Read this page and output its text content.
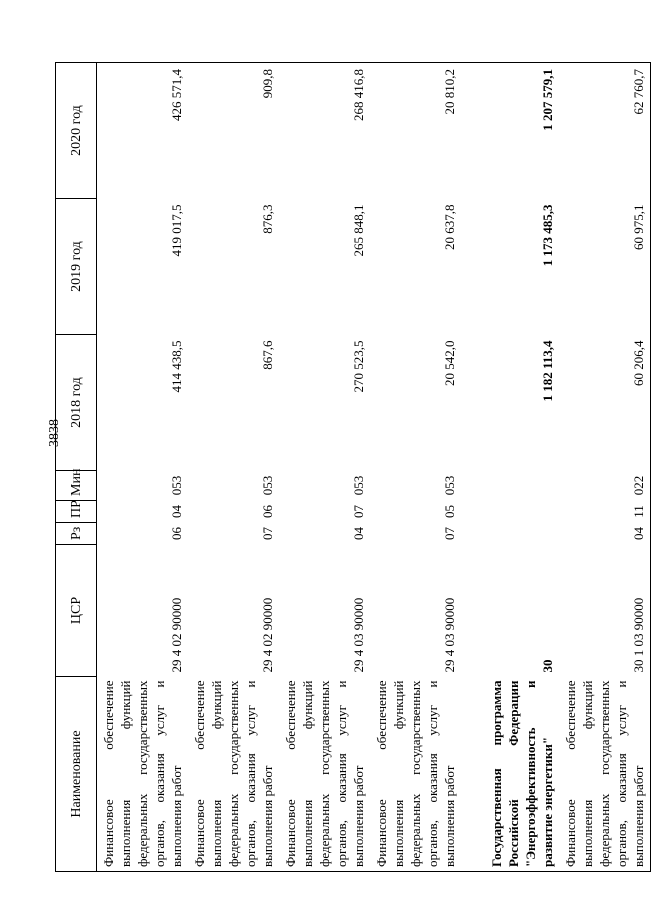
3838
Наименование	ЦСР	Рз	ПР	Мин	2018 год	2019 год	2020 год
Финансовое обеспечение выполнения функций федеральных государственных органов, оказания услуг и выполнения работ	29 4 02 90000	06	04	053	414 438,5	419 017,5	426 571,4
Финансовое обеспечение выполнения функций федеральных государственных органов, оказания услуг и выполнения работ	29 4 02 90000	07	06	053	867,6	876,3	909,8
Финансовое обеспечение выполнения функций федеральных государственных органов, оказания услуг и выполнения работ	29 4 03 90000	04	07	053	270 523,5	265 848,1	268 416,8
Финансовое обеспечение выполнения функций федеральных государственных органов, оказания услуг и выполнения работ	29 4 03 90000	07	05	053	20 542,0	20 637,8	20 810,2
Государственная программа Российской Федерации "Энергоэффективность и развитие энергетики"	30				1 182 113,4	1 173 485,3	1 207 579,1
Финансовое обеспечение выполнения функций федеральных государственных органов, оказания услуг и выполнения работ	30 1 03 90000	04	11	022	60 206,4	60 975,1	62 760,7
